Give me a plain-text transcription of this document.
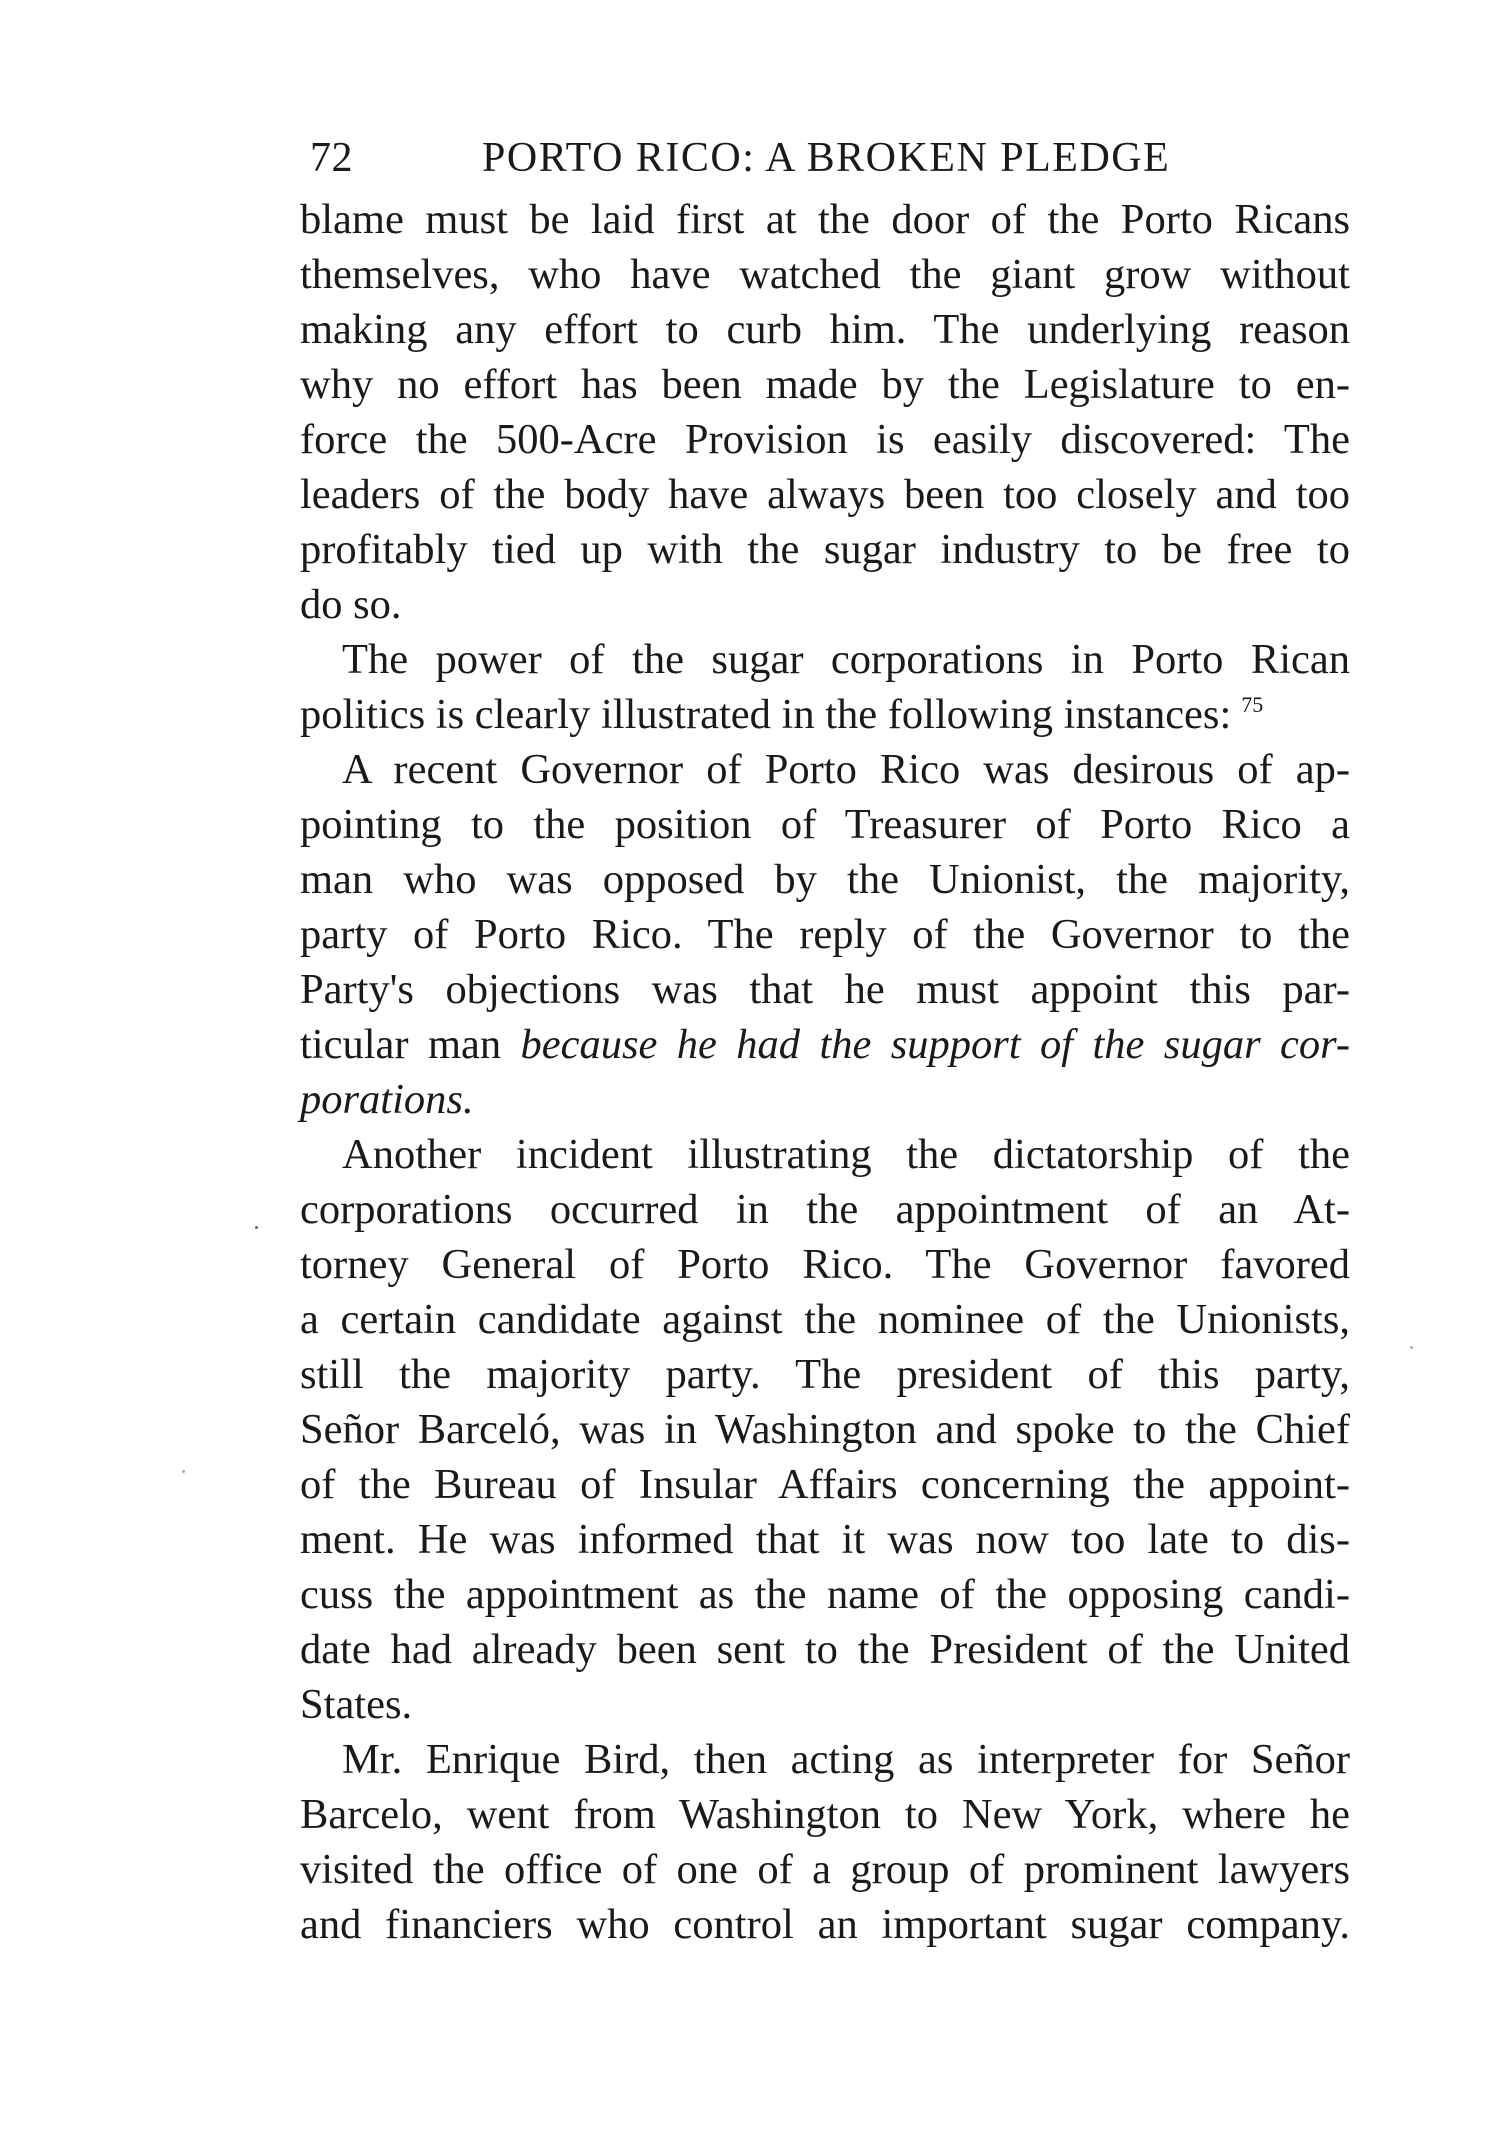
72	PORTO RICO: A BROKEN PLEDGE
blame must be laid first at the door of the Porto Ricans
themselves, who have watched the giant grow without
making any effort to curb him. The underlying reason
why no effort has been made by the Legislature to en-
force the 500-Acre Provision is easily discovered: The
leaders of the body have always been too closely and too
profitably tied up with the sugar industry to be free to
do so.
The power of the sugar corporations in Porto Rican
politics is clearly illustrated in the following instances: $^{75}$
A recent Governor of Porto Rico was desirous of ap-
pointing to the position of Treasurer of Porto Rico a
man who was opposed by the Unionist, the majority,
party of Porto Rico. The reply of the Governor to the
Party's objections was that he must appoint this par-
ticular man because he had the support of the sugar cor-
porations.
Another incident illustrating the dictatorship of the
corporations occurred in the appointment of an At-
torney General of Porto Rico. The Governor favored
a certain candidate against the nominee of the Unionists,
still the majority party. The president of this party,
Señor Barceló, was in Washington and spoke to the Chief
of the Bureau of Insular Affairs concerning the appoint-
ment. He was informed that it was now too late to dis-
cuss the appointment as the name of the opposing candi-
date had already been sent to the President of the United
States.
Mr. Enrique Bird, then acting as interpreter for Señor
Barcelo, went from Washington to New York, where he
visited the office of one of a group of prominent lawyers
and financiers who control an important sugar company.
